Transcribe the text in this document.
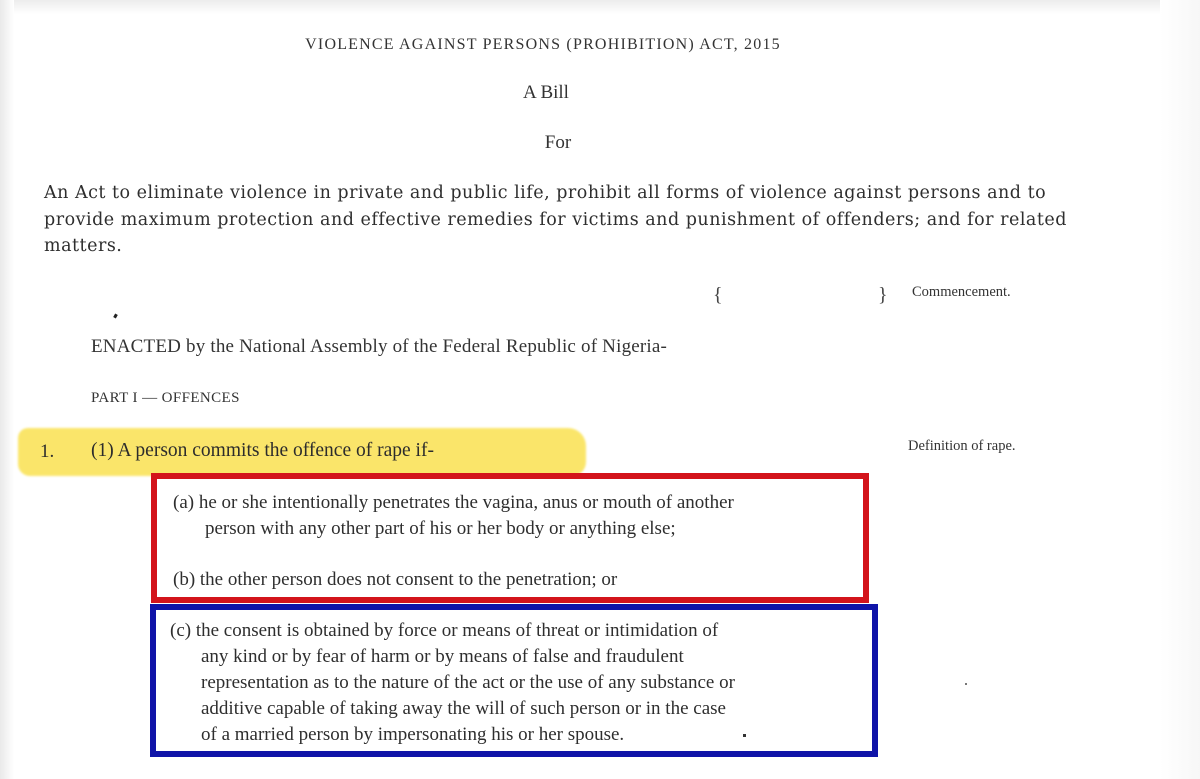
VIOLENCE AGAINST PERSONS (PROHIBITION) ACT, 2015
A Bill
For
An Act to eliminate violence in private and public life, prohibit all forms of violence against persons and to provide maximum protection and effective remedies for victims and punishment of offenders; and for related matters.
{	} Commencement.
ENACTED by the National Assembly of the Federal Republic of Nigeria-
PART I — OFFENCES
1. (1) A person commits the offence of rape if-	Definition of rape.
(a) he or she intentionally penetrates the vagina, anus or mouth of another
person with any other part of his or her body or anything else;
(b) the other person does not consent to the penetration; or
(c) the consent is obtained by force or means of threat or intimidation of
any kind or by fear of harm or by means of false and fraudulent
representation as to the nature of the act or the use of any substance or
additive capable of taking away the will of such person or in the case
of a married person by impersonating his or her spouse.
